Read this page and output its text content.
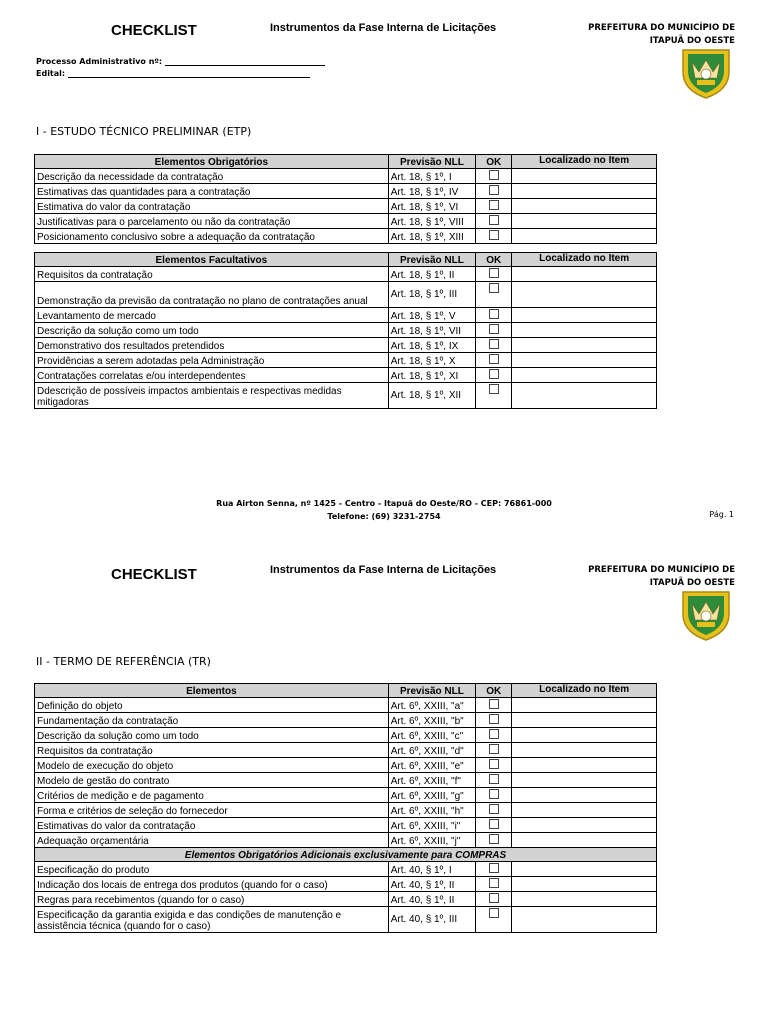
CHECKLIST	Instrumentos da Fase Interna de Licitações	PREFEITURA DO MUNICÍPIO DE
ITAPUÃ DO OESTE
Processo Administrativo nº:
Edital:
I - ESTUDO TÉCNICO PRELIMINAR (ETP)
Elementos Obrigatórios	Previsão NLL	OK	Localizado no Item
Descrição da necessidade da contratação	Art. 18, § 1º, I		
Estimativas das quantidades para a contratação	Art. 18, § 1º, IV		
Estimativa do valor da contratação	Art. 18, § 1º, VI		
Justificativas para o parcelamento ou não da contratação	Art. 18, § 1º, VIII		
Posicionamento conclusivo sobre a adequação da contratação	Art. 18, § 1º, XIII		
Elementos Facultativos	Previsão NLL	OK	Localizado no Item
Requisitos da contratação	Art. 18, § 1º, II		
Demonstração da previsão da contratação no plano de contratações anual	Art. 18, § 1º, III		
Levantamento de mercado	Art. 18, § 1º, V		
Descrição da solução como um todo	Art. 18, § 1º, VII		
Demonstrativo dos resultados pretendidos	Art. 18, § 1º, IX		
Providências a serem adotadas pela Administração	Art. 18, § 1º, X		
Contratações correlatas e/ou interdependentes	Art. 18, § 1º, XI		
Ddescrição de possíveis impactos ambientais e respectivas medidas mitigadoras	Art. 18, § 1º, XII		
Rua Airton Senna, nº 1425 - Centro - Itapuã do Oeste/RO - CEP: 76861-000
Telefone: (69) 3231-2754	Pág. 1
CHECKLIST	Instrumentos da Fase Interna de Licitações	PREFEITURA DO MUNICÍPIO DE
ITAPUÃ DO OESTE
II - TERMO DE REFERÊNCIA (TR)
Elementos	Previsão NLL	OK	Localizado no Item
Definição do objeto	Art. 6º, XXIII, "a"		
Fundamentação da contratação	Art. 6º, XXIII, "b"		
Descrição da solução como um todo	Art. 6º, XXIII, "c"		
Requisitos da contratação	Art. 6º, XXIII, "d"		
Modelo de execução do objeto	Art. 6º, XXIII, "e"		
Modelo de gestão do contrato	Art. 6º, XXIII, "f"		
Critérios de medição e de pagamento	Art. 6º, XXIII, "g"		
Forma e critérios de seleção do fornecedor	Art. 6º, XXIII, "h"		
Estimativas do valor da contratação	Art. 6º, XXIII, "i"		
Adequação orçamentária	Art. 6º, XXIII, "j"		
Elementos Obrigatórios Adicionais exclusivamente para COMPRAS			
Especificação do produto	Art. 40, § 1º, I		
Indicação dos locais de entrega dos produtos (quando for o caso)	Art. 40, § 1º, II		
Regras para recebimentos (quando for o caso)	Art. 40, § 1º, II		
Especificação da garantia exigida e das condições de manutenção e assistência técnica (quando for o caso)	Art. 40, § 1º, III		
